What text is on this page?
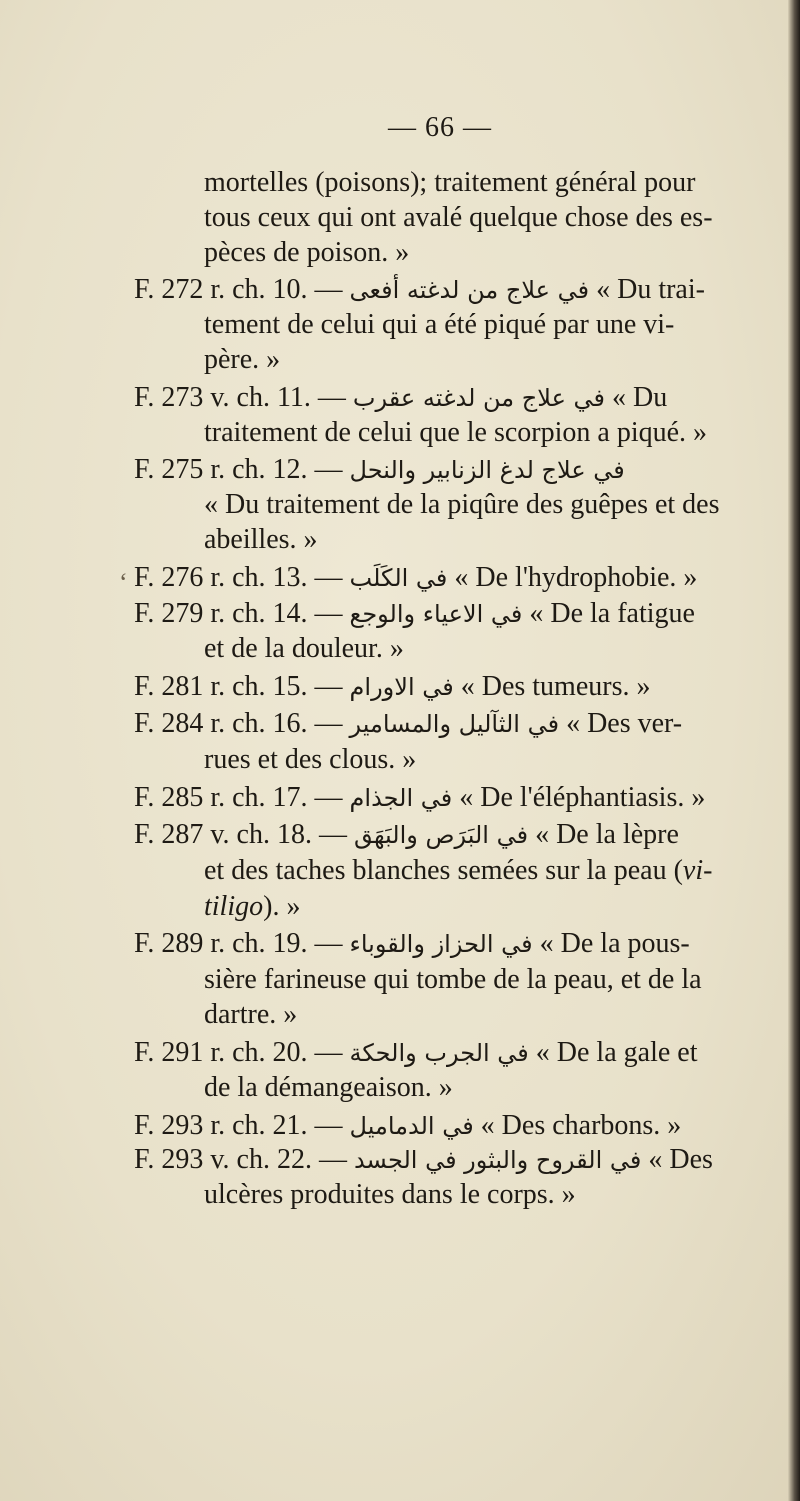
— 66 —
mortelles (poisons); traitement général pour
tous ceux qui ont avalé quelque chose des es-
pèces de poison. »
F. 272 r. ch. 10. — في علاج من لدغته أفعى « Du trai-
tement de celui qui a été piqué par une vi-
père. »
F. 273 v. ch. 11. — في علاج من لدغته عقرب « Du
traitement de celui que le scorpion a piqué. »
F. 275 r. ch. 12. — في علاج لدغ الزنابير والنحل
« Du traitement de la piqûre des guêpes et des
abeilles. »
F. 276 r. ch. 13. — في الكَلَب « De l'hydrophobie. »
F. 279 r. ch. 14. — في الاعياء والوجع « De la fatigue
et de la douleur. »
F. 281 r. ch. 15. — في الاورام « Des tumeurs. »
F. 284 r. ch. 16. — في الثآليل والمسامير « Des ver-
rues et des clous. »
F. 285 r. ch. 17. — في الجذام « De l'éléphantiasis. »
F. 287 v. ch. 18. — في البَرَص والبَهَق « De la lèpre
et des taches blanches semées sur la peau (vi-
tiligo). »
F. 289 r. ch. 19. — في الحزاز والقوباء « De la pous-
sière farineuse qui tombe de la peau, et de la
dartre. »
F. 291 r. ch. 20. — في الجرب والحكة « De la gale et
de la démangeaison. »
F. 293 r. ch. 21. — في الدماميل « Des charbons. »
F. 293 v. ch. 22. — في القروح والبثور في الجسد « Des
ulcères produites dans le corps. »
ʻ
